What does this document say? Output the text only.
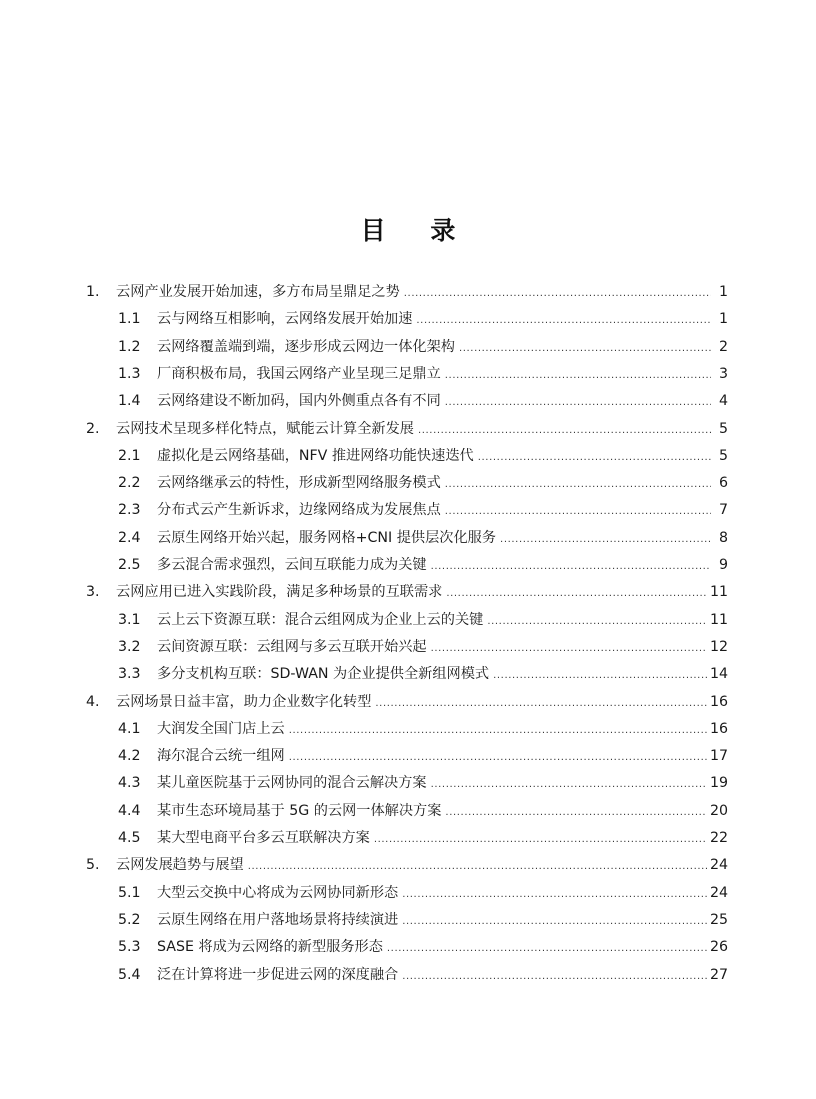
目 录
1. 云网产业发展开始加速，多方布局呈鼎足之势 .....	1
1.1 云与网络互相影响，云网络发展开始加速 .....	1
1.2 云网络覆盖端到端，逐步形成云网边一体化架构 .....	2
1.3 厂商积极布局，我国云网络产业呈现三足鼎立 .....	3
1.4 云网络建设不断加码，国内外侧重点各有不同 .....	4
2. 云网技术呈现多样化特点，赋能云计算全新发展 .....	5
2.1 虚拟化是云网络基础，NFV 推进网络功能快速迭代 .....	5
2.2 云网络继承云的特性，形成新型网络服务模式 .....	6
2.3 分布式云产生新诉求，边缘网络成为发展焦点 .....	7
2.4 云原生网络开始兴起，服务网格+CNI 提供层次化服务 .....	8
2.5 多云混合需求强烈，云间互联能力成为关键 .....	9
3. 云网应用已进入实践阶段，满足多种场景的互联需求 .....	11
3.1 云上云下资源互联：混合云组网成为企业上云的关键 .....	11
3.2 云间资源互联：云组网与多云互联开始兴起 .....	12
3.3 多分支机构互联：SD-WAN 为企业提供全新组网模式 .....	14
4. 云网场景日益丰富，助力企业数字化转型 .....	16
4.1 大润发全国门店上云 .....	16
4.2 海尔混合云统一组网 .....	17
4.3 某儿童医院基于云网协同的混合云解决方案 .....	19
4.4 某市生态环境局基于 5G 的云网一体解决方案 .....	20
4.5 某大型电商平台多云互联解决方案 .....	22
5. 云网发展趋势与展望 .....	24
5.1 大型云交换中心将成为云网协同新形态 .....	24
5.2 云原生网络在用户落地场景将持续演进 .....	25
5.3 SASE 将成为云网络的新型服务形态 .....	26
5.4 泛在计算将进一步促进云网的深度融合 .....	27
